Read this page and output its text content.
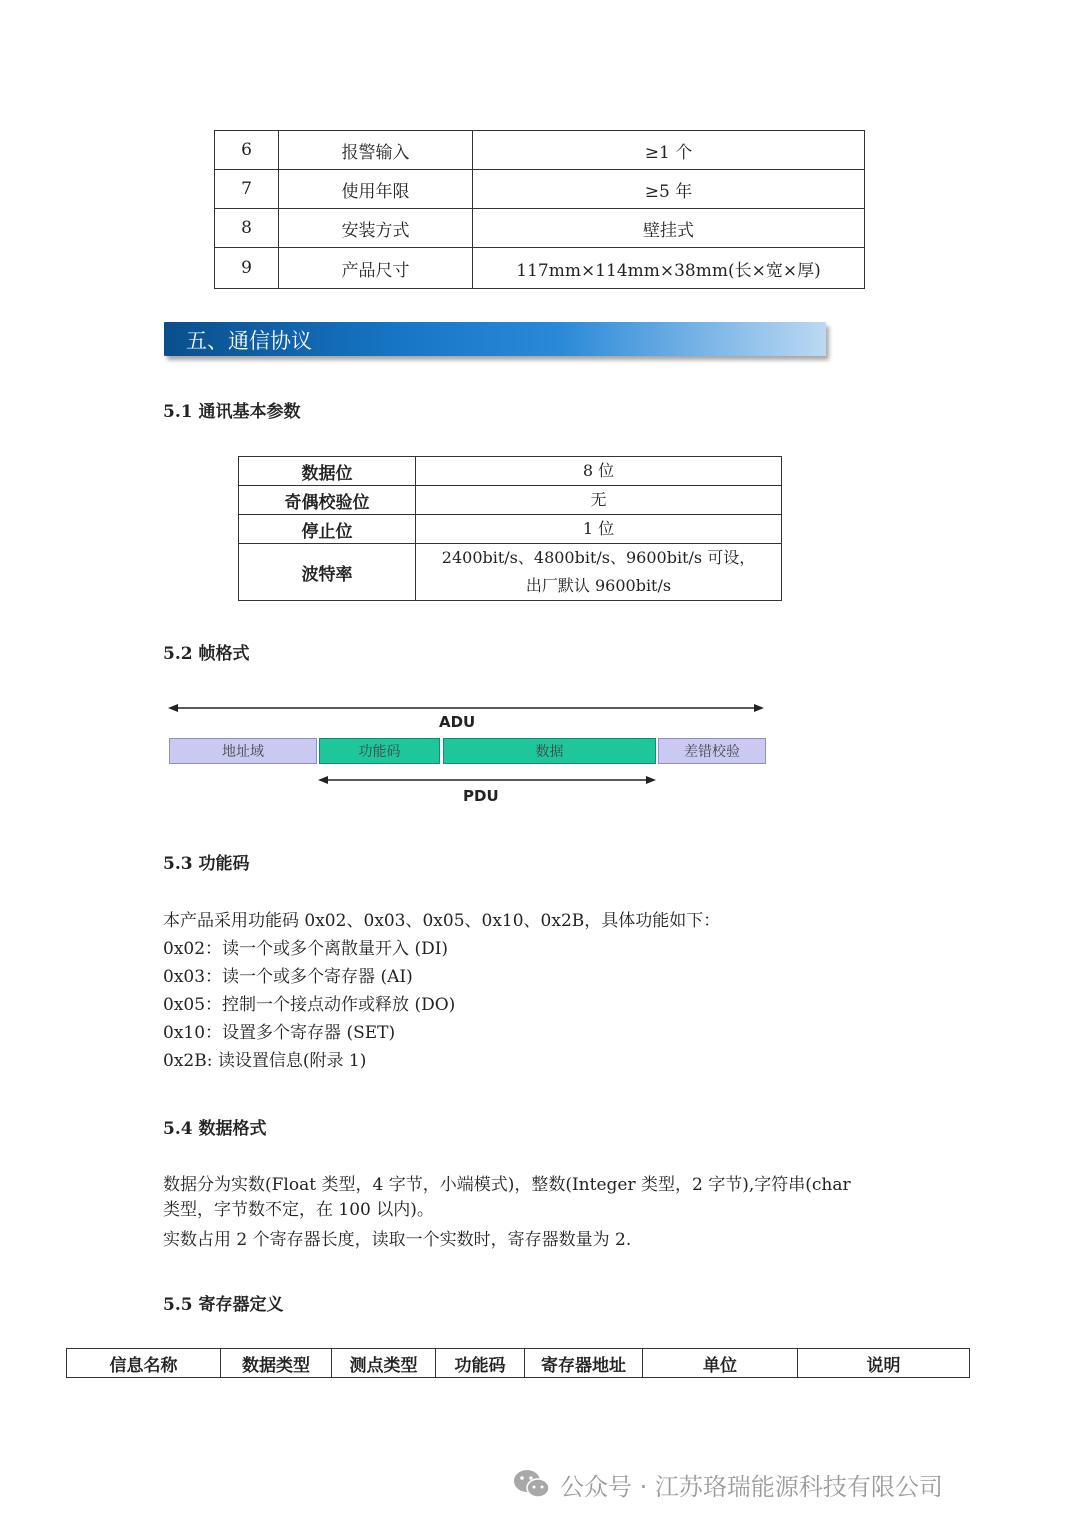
6	报警输入	≥1 个
7	使用年限	≥5 年
8	安装方式	壁挂式
9	产品尺寸	117mm×114mm×38mm(长×宽×厚)
五、通信协议
5.1 通讯基本参数
数据位	8 位
奇偶校验位	无
停止位	1 位
波特率	2400bit/s、4800bit/s、9600bit/s 可设，
出厂默认 9600bit/s
5.2 帧格式
ADU
地址域	功能码	数据	差错校验
PDU
5.3 功能码
本产品采用功能码 0x02、0x03、0x05、0x10、0x2B，具体功能如下：
0x02：读一个或多个离散量开入 (DI)
0x03：读一个或多个寄存器 (AI)
0x05：控制一个接点动作或释放 (DO)
0x10：设置多个寄存器 (SET)
0x2B: 读设置信息(附录 1)
5.4 数据格式
数据分为实数(Float 类型，4 字节，小端模式)，整数(Integer 类型，2 字节),字符串(char
类型，字节数不定，在 100 以内)。
实数占用 2 个寄存器长度，读取一个实数时，寄存器数量为 2.
5.5 寄存器定义
信息名称	数据类型	测点类型	功能码	寄存器地址	单位	说明
公众号 · 江苏珞瑞能源科技有限公司
